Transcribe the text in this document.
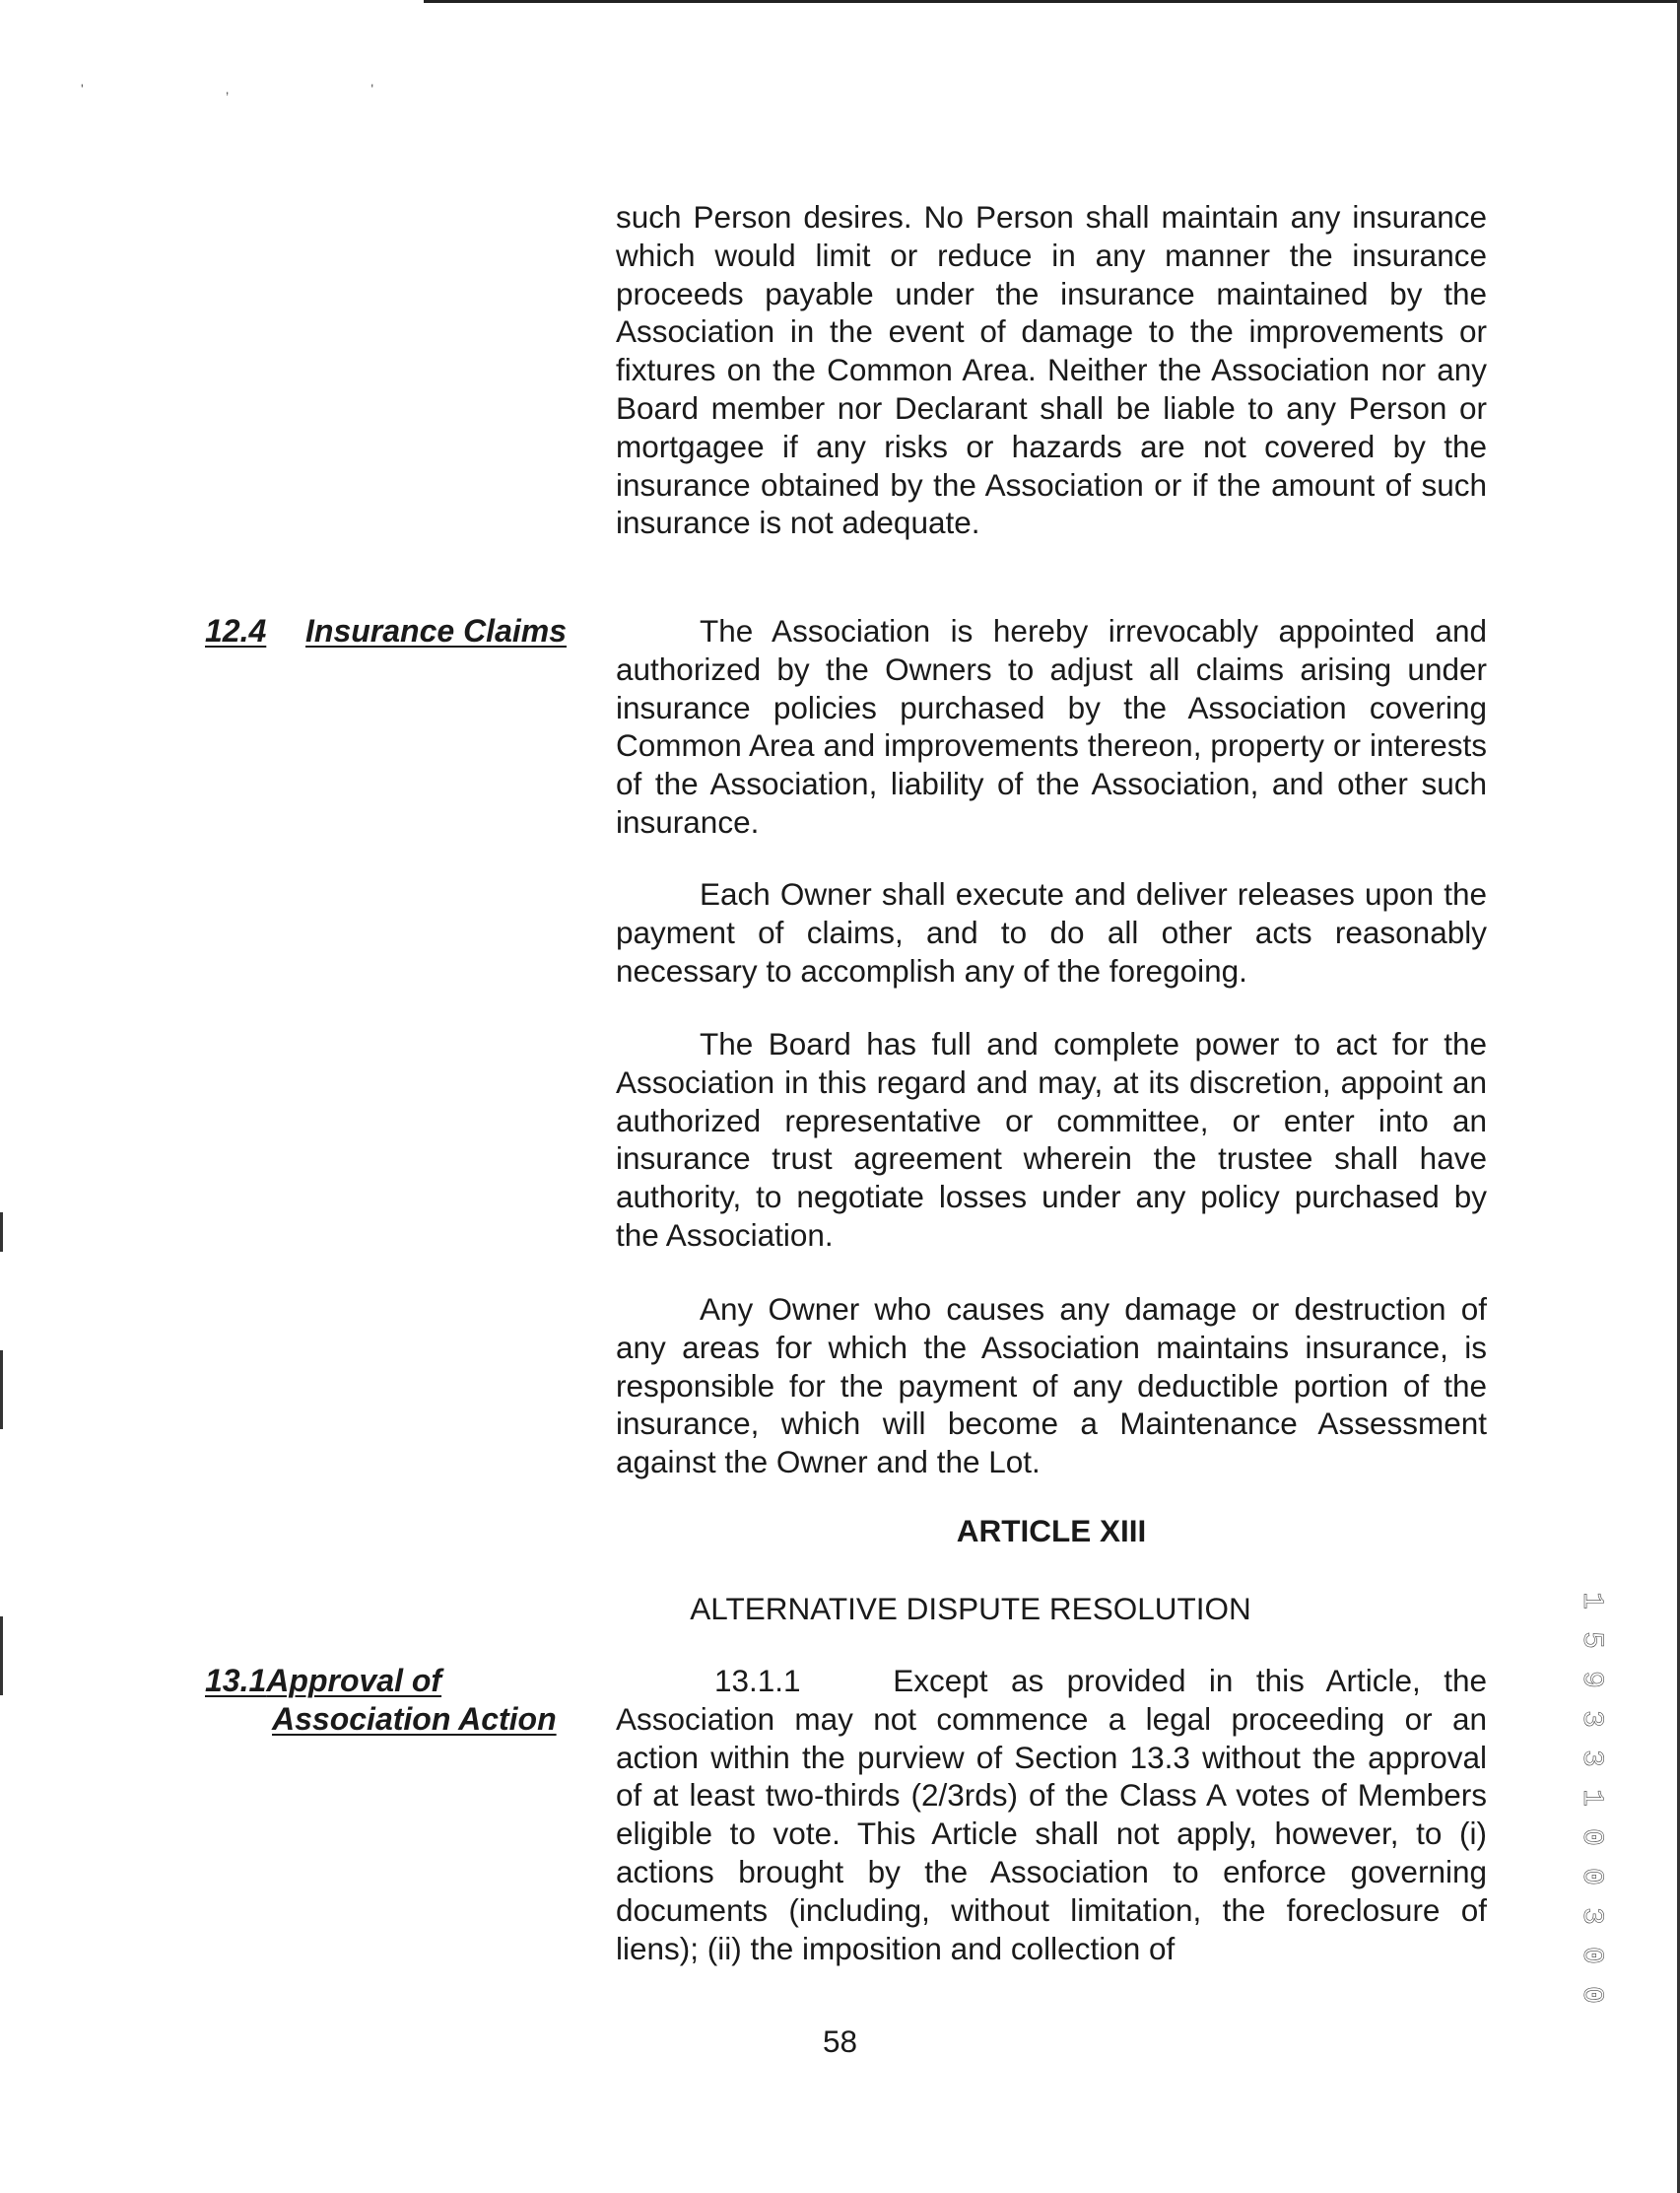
' , '
such Person desires. No Person shall maintain any insurance which would limit or reduce in any manner the insurance proceeds payable under the insurance maintained by the Association in the event of damage to the improvements or fixtures on the Common Area. Neither the Association nor any Board member nor Declarant shall be liable to any Person or mortgagee if any risks or hazards are not covered by the insurance obtained by the Association or if the amount of such insurance is not adequate.
12.4 Insurance Claims	The Association is hereby irrevocably appointed and authorized by the Owners to adjust all claims arising under insurance policies purchased by the Association covering Common Area and improvements thereon, property or interests of the Association, liability of the Association, and other such insurance.
Each Owner shall execute and deliver releases upon the payment of claims, and to do all other acts reasonably necessary to accomplish any of the foregoing.
The Board has full and complete power to act for the Association in this regard and may, at its discretion, appoint an authorized representative or committee, or enter into an insurance trust agreement wherein the trustee shall have authority, to negotiate losses under any policy purchased by the Association.
Any Owner who causes any damage or destruction of any areas for which the Association maintains insurance, is responsible for the payment of any deductible portion of the insurance, which will become a Maintenance Assessment against the Owner and the Lot.
ARTICLE XIII
ALTERNATIVE DISPUTE RESOLUTION
13.1Approval of
Association Action
13.1.1    Except as provided in this Article, the Association may not commence a legal proceeding or an action within the purview of Section 13.3 without the approval of at least two-thirds (2/3rds) of the Class A votes of Members eligible to vote. This Article shall not apply, however, to (i) actions brought by the Association to enforce governing documents (including, without limitation, the foreclosure of liens); (ii) the imposition and collection of
58
1 5 9 3 3 1 0 0 3 0 0
